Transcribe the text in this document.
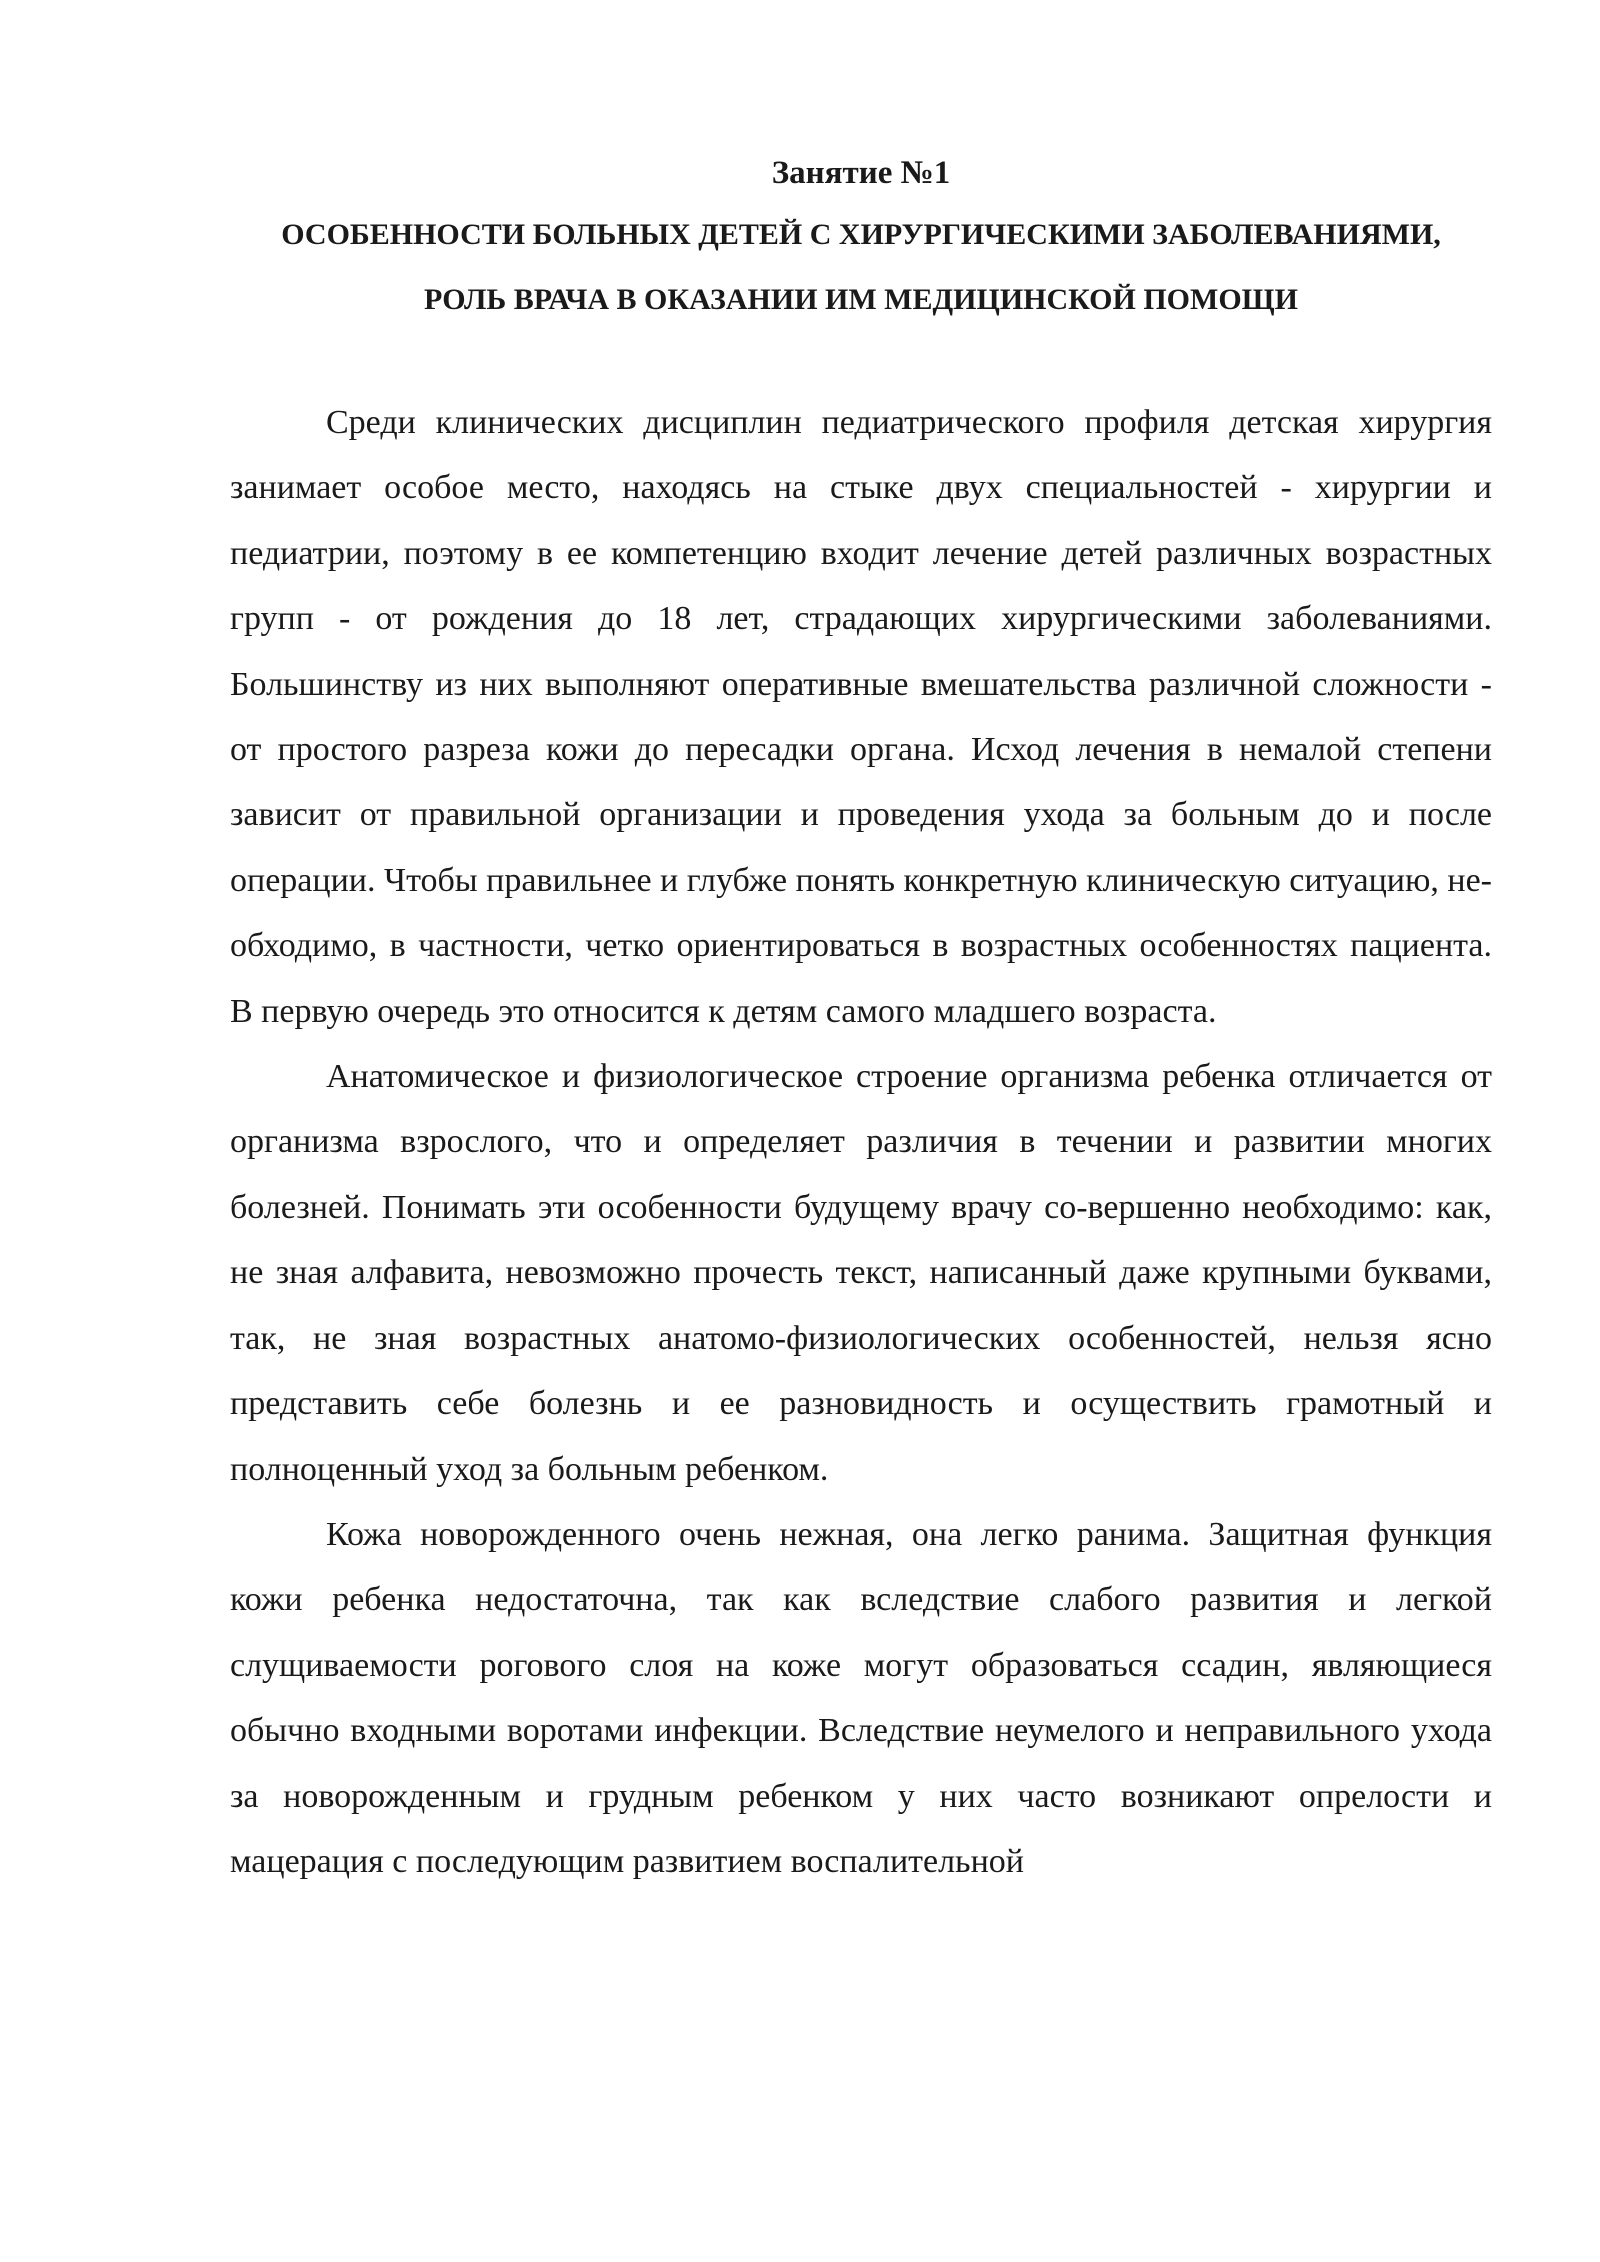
Занятие №1
ОСОБЕННОСТИ БОЛЬНЫХ ДЕТЕЙ С ХИРУРГИЧЕСКИМИ ЗАБОЛЕВАНИЯМИ,
РОЛЬ ВРАЧА В ОКАЗАНИИ ИМ МЕДИЦИНСКОЙ ПОМОЩИ

Среди клинических дисциплин педиатрического профиля детская хирургия занимает особое место, находясь на стыке двух специальностей - хирургии и педиатрии, поэтому в ее компетенцию входит лечение детей различных возрастных групп - от рождения до 18 лет, страдающих хирургическими заболеваниями. Большинству из них выполняют оперативные вмешательства различной сложности - от простого разреза кожи до пересадки органа. Исход лечения в немалой степени зависит от правильной организации и проведения ухода за больным до и после операции. Чтобы правильнее и глубже понять конкретную клиническую ситуацию, не-обходимо, в частности, четко ориентироваться в возрастных особенностях пациента. В первую очередь это относится к детям самого младшего возраста.

Анатомическое и физиологическое строение организма ребенка отличается от организма взрослого, что и определяет различия в течении и развитии многих болезней. Понимать эти особенности будущему врачу со-вершенно необходимо: как, не зная алфавита, невозможно прочесть текст, написанный даже крупными буквами, так, не зная возрастных анатомо-физиологических особенностей, нельзя ясно представить себе болезнь и ее разновидность и осуществить грамотный и полноценный уход за больным ребенком.

Кожа новорожденного очень нежная, она легко ранима. Защитная функция кожи ребенка недостаточна, так как вследствие слабого развития и легкой слущиваемости рогового слоя на коже могут образоваться ссадин, являющиеся обычно входными воротами инфекции. Вследствие неумелого и неправильного ухода за новорожденным и грудным ребенком у них часто возникают опрелости и мацерация с последующим развитием воспалительной
